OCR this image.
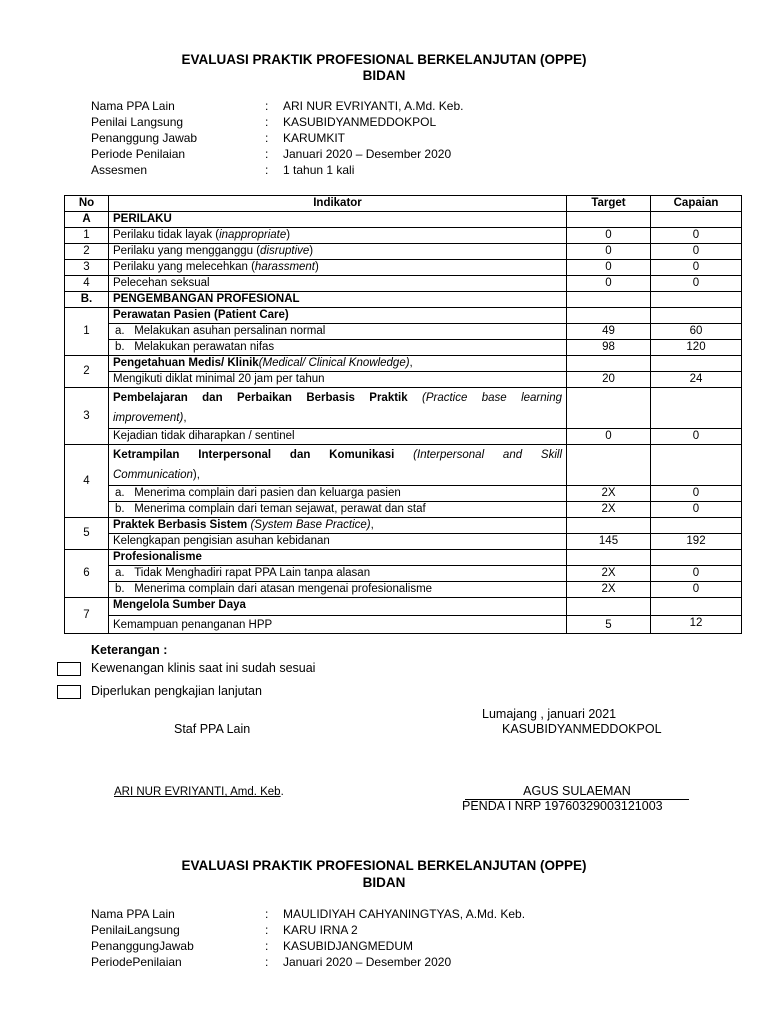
EVALUASI PRAKTIK PROFESIONAL BERKELANJUTAN (OPPE)
BIDAN
Nama PPA Lain	: ARI NUR EVRIYANTI, A.Md. Keb.
Penilai Langsung	: KASUBIDYANMEDDOKPOL
Penanggung Jawab	: KARUMKIT
Periode Penilaian	: Januari 2020 – Desember 2020
Assesmen	: 1 tahun 1 kali
No	Indikator	Target	Capaian
A	PERILAKU		
1	Perilaku tidak layak (inappropriate)	0	0
2	Perilaku yang mengganggu (disruptive)	0	0
3	Perilaku yang melecehkan (harassment)	0	0
4	Pelecehan seksual	0	0
B.	PENGEMBANGAN PROFESIONAL		
1	Perawatan Pasien (Patient Care)		
	a. Melakukan asuhan persalinan normal	49	60
	b. Melakukan perawatan nifas	98	120
2	Pengetahuan Medis/ Klinik(Medical/ Clinical Knowledge),		
	Mengikuti diklat minimal 20 jam per tahun	20	24
3	Pembelajaran dan Perbaikan Berbasis Praktik (Practice base learning
improvement),		

	Kejadian tidak diharapkan / sentinel	0	0
4	Ketrampilan Interpersonal dan Komunikasi (Interpersonal and Skill
Communication),		

	a. Menerima complain dari pasien dan keluarga pasien	2X	0
	b. Menerima complain dari teman sejawat, perawat dan staf	2X	0
5	Praktek Berbasis Sistem (System Base Practice),		
	Kelengkapan pengisian asuhan kebidanan	145	192
6	Profesionalisme		
	a. Tidak Menghadiri rapat PPA Lain tanpa alasan	2X	0
	b. Menerima complain dari atasan mengenai profesionalisme	2X	0
7	Mengelola Sumber Daya		
	Kemampuan penanganan HPP	5	12
Keterangan :
Kewenangan klinis saat ini sudah sesuai
Diperlukan pengkajian lanjutan
Lumajang , januari 2021
Staf PPA Lain	KASUBIDYANMEDDOKPOL
ARI NUR EVRIYANTI, Amd. Keb.	AGUS SULAEMAN
PENDA I NRP 19760329003121003
EVALUASI PRAKTIK PROFESIONAL BERKELANJUTAN (OPPE)
BIDAN
Nama PPA Lain	: MAULIDIYAH CAHYANINGTYAS, A.Md. Keb.
PenilaiLangsung	: KARU IRNA 2
PenanggungJawab	: KASUBIDJANGMEDUM
PeriodePenilaian	: Januari 2020 – Desember 2020
